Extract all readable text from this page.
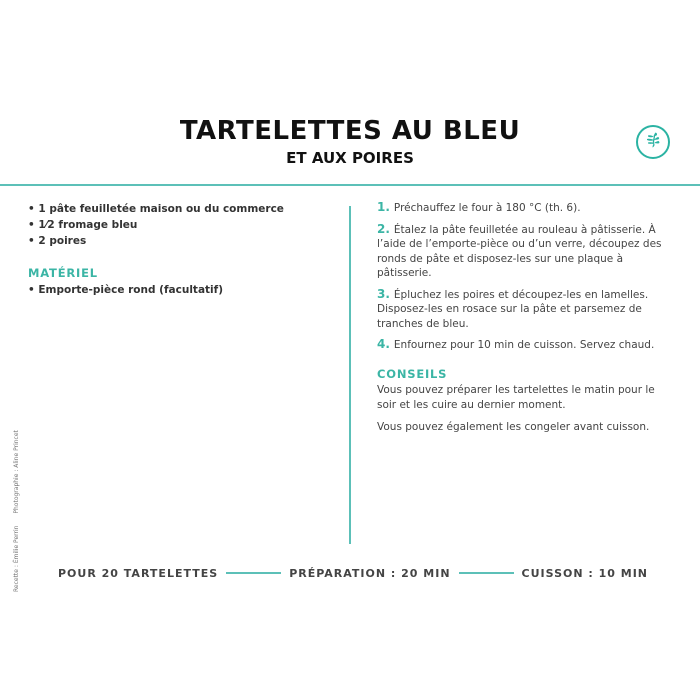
TARTELETTES AU BLEU
ET AUX POIRES
• 1 pâte feuilletée maison ou du commerce
• 1⁄2 fromage bleu
• 2 poires
MATÉRIEL
• Emporte-pièce rond (facultatif)
1. Préchauffez le four à 180 °C (th. 6).
2. Étalez la pâte feuilletée au rouleau à pâtisserie. À l’aide de l’emporte-pièce ou d’un verre, découpez des ronds de pâte et disposez-les sur une plaque à pâtisserie.
3. Épluchez les poires et découpez-les en lamelles. Disposez-les en rosace sur la pâte et parsemez de tranches de bleu.
4. Enfournez pour 10 min de cuisson. Servez chaud.
CONSEILS
Vous pouvez préparer les tartelettes le matin pour le soir et les cuire au dernier moment.
Vous pouvez également les congeler avant cuisson.
Recette : Émilie Perrin Photographie : Aline Princet
POUR 20 TARTELETTES	PRÉPARATION : 20 MIN	CUISSON : 10 MIN
